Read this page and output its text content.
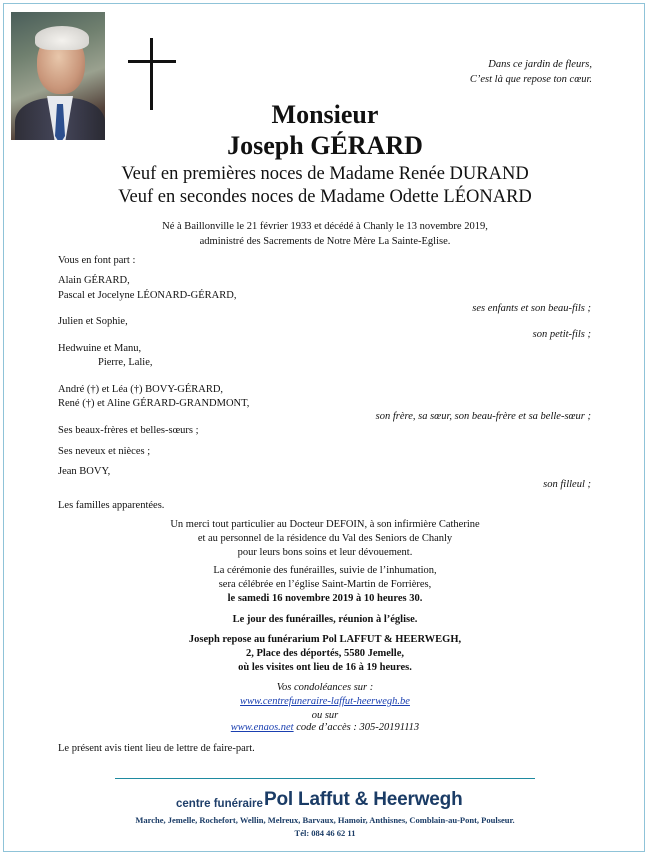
Dans ce jardin de fleurs,
C’est là que repose ton cœur.
Monsieur
Joseph GÉRARD
Veuf en premières noces de Madame Renée DURAND
Veuf en secondes noces de Madame Odette LÉONARD
Né à Baillonville le 21 février 1933 et décédé à Chanly le 13 novembre 2019,
administré des Sacrements de Notre Mère La Sainte-Eglise.
Vous en font part :
Alain GÉRARD,
Pascal et Jocelyne LÉONARD-GÉRARD,
ses enfants et son beau-fils ;
Julien et Sophie,
son petit-fils ;
Hedwuine et Manu,
Pierre, Lalie,
André (†) et Léa (†) BOVY-GÉRARD,
René (†) et Aline GÉRARD-GRANDMONT,
son frère, sa sœur, son beau-frère et sa belle-sœur ;
Ses beaux-frères et belles-sœurs ;
Ses neveux et nièces ;
Jean BOVY,
son filleul ;
Les familles apparentées.
Un merci tout particulier au Docteur DEFOIN, à son infirmière Catherine
et au personnel de la résidence du Val des Seniors de Chanly
pour leurs bons soins et leur dévouement.
La cérémonie des funérailles, suivie de l’inhumation,
sera célébrée en l’église Saint-Martin de Forrières,
le samedi 16 novembre 2019 à 10 heures 30.
Le jour des funérailles, réunion à l’église.
Joseph repose au funérarium Pol LAFFUT & HEERWEGH,
2, Place des déportés, 5580 Jemelle,
où les visites ont lieu de 16 à 19 heures.
Vos condoléances sur :
www.centrefuneraire-laffut-heerwegh.be
ou sur
www.enaos.net code d’accès : 305-20191113
Le présent avis tient lieu de lettre de faire-part.
centre funéraire Pol Laffut & Heerwegh
Marche, Jemelle, Rochefort, Wellin, Melreux, Barvaux, Hamoir, Anthisnes, Comblain-au-Pont, Poulseur.
Tél: 084 46 62 11
